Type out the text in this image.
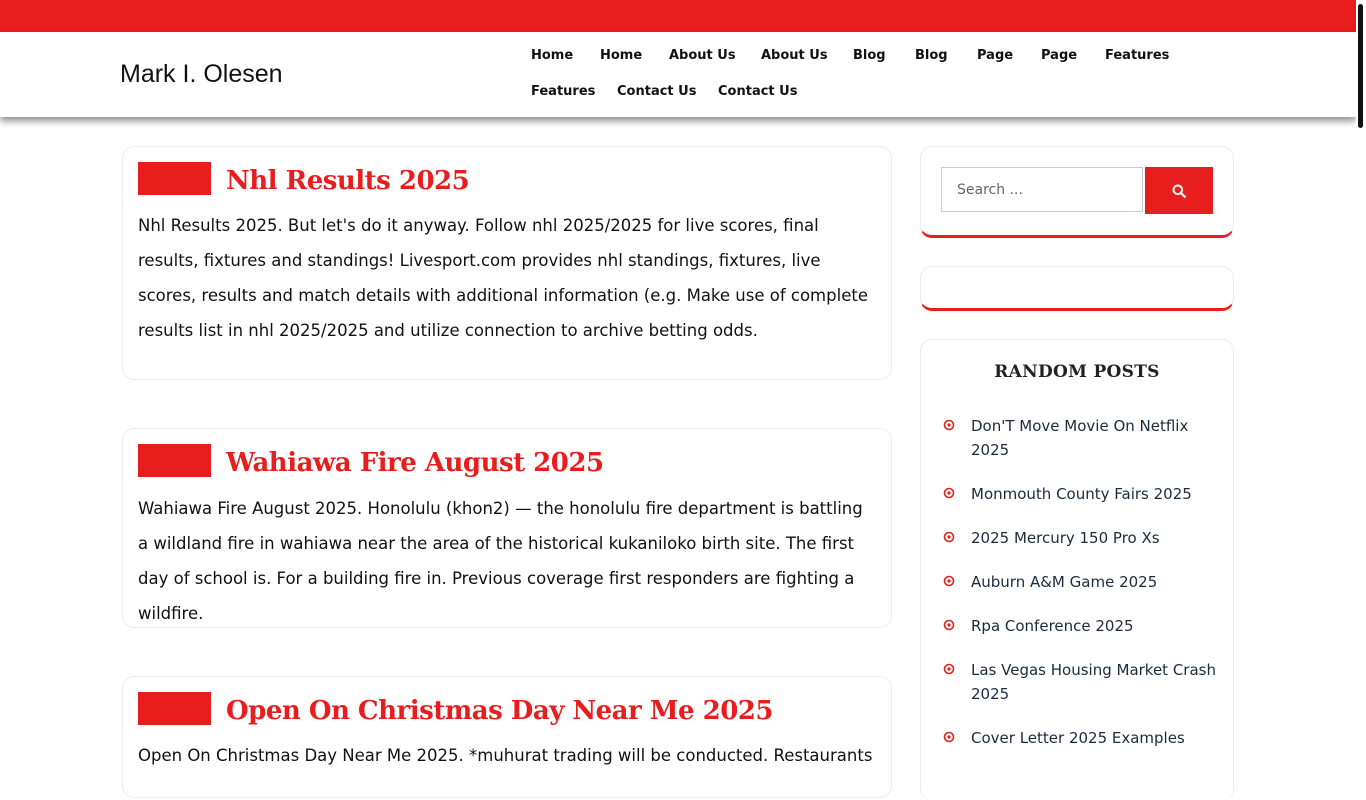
Mark I. Olesen
Home Home About Us About Us Blog Blog Page Page Features
Features Contact Us Contact Us
Nhl Results 2025

Nhl Results 2025. But let's do it anyway. Follow nhl 2025/2025 for live scores, final results, fixtures and standings! Livesport.com provides nhl standings, fixtures, live scores, results and match details with additional information (e.g. Make use of complete results list in nhl 2025/2025 and utilize connection to archive betting odds.

Wahiawa Fire August 2025

Wahiawa Fire August 2025. Honolulu (khon2) — the honolulu fire department is battling a wildland fire in wahiawa near the area of the historical kukaniloko birth site. The first day of school is. For a building fire in. Previous coverage first responders are fighting a wildfire.

Open On Christmas Day Near Me 2025

Open On Christmas Day Near Me 2025. *muhurat trading will be conducted. Restaurants

Search ...
RANDOM POSTS
Don'T Move Movie On Netflix 2025
Monmouth County Fairs 2025
2025 Mercury 150 Pro Xs
Auburn A&M Game 2025
Rpa Conference 2025
Las Vegas Housing Market Crash 2025
Cover Letter 2025 Examples
